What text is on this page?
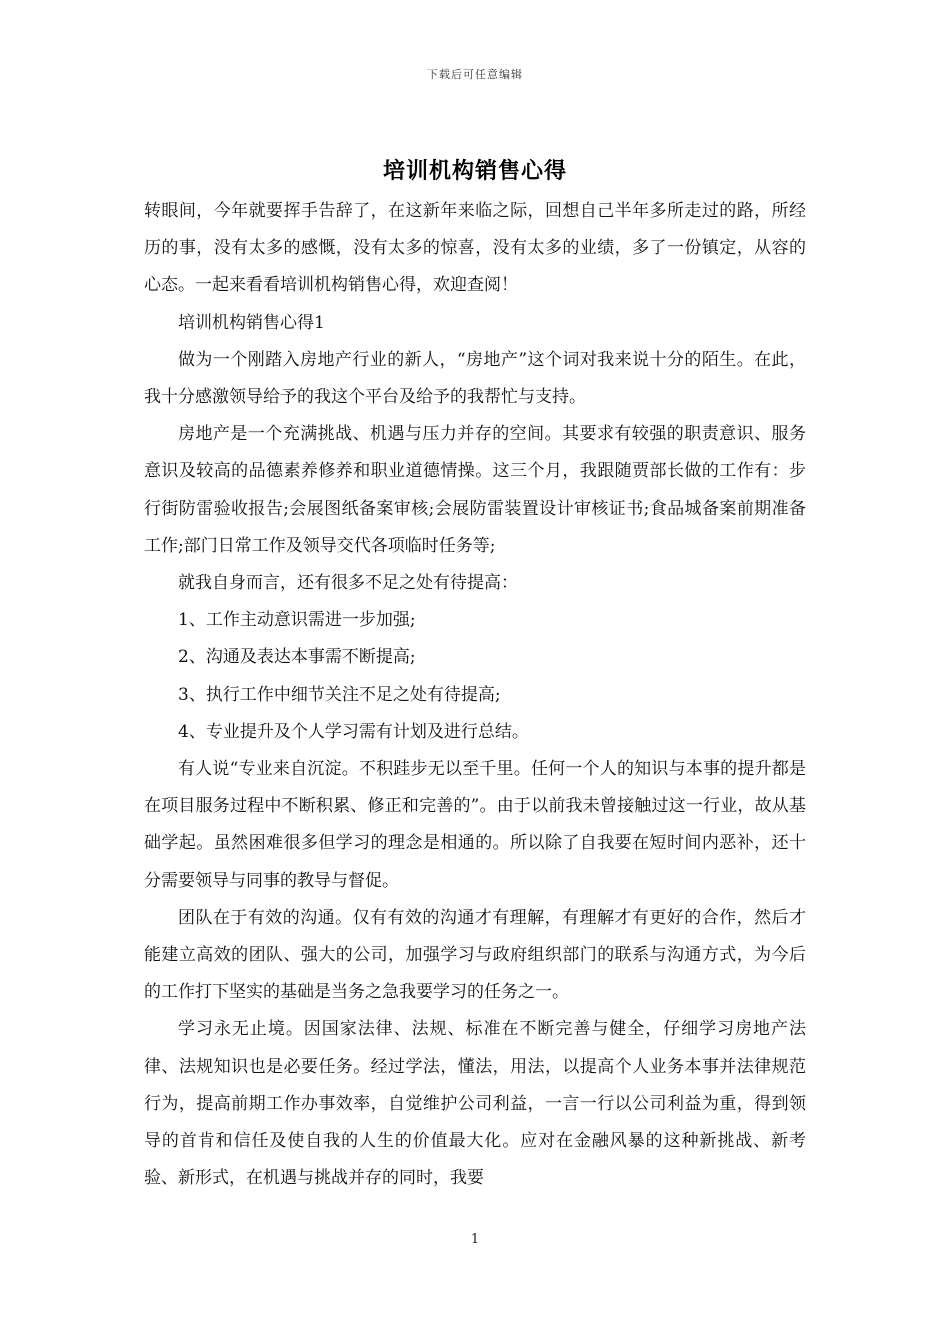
下载后可任意编辑
培训机构销售心得

转眼间，今年就要挥手告辞了，在这新年来临之际，回想自己半年多所走过的路，所经历的事，没有太多的感慨，没有太多的惊喜，没有太多的业绩，多了一份镇定，从容的心态。一起来看看培训机构销售心得，欢迎查阅！

培训机构销售心得1

做为一个刚踏入房地产行业的新人，“房地产”这个词对我来说十分的陌生。在此，我十分感激领导给予的我这个平台及给予的我帮忙与支持。

房地产是一个充满挑战、机遇与压力并存的空间。其要求有较强的职责意识、服务意识及较高的品德素养修养和职业道德情操。这三个月，我跟随贾部长做的工作有：步行街防雷验收报告;会展图纸备案审核;会展防雷装置设计审核证书;食品城备案前期准备工作;部门日常工作及领导交代各项临时任务等;

就我自身而言，还有很多不足之处有待提高：

1、工作主动意识需进一步加强;

2、沟通及表达本事需不断提高;

3、执行工作中细节关注不足之处有待提高;

4、专业提升及个人学习需有计划及进行总结。

有人说“专业来自沉淀。不积跬步无以至千里。任何一个人的知识与本事的提升都是在项目服务过程中不断积累、修正和完善的”。由于以前我未曾接触过这一行业，故从基础学起。虽然困难很多但学习的理念是相通的。所以除了自我要在短时间内恶补，还十分需要领导与同事的教导与督促。

团队在于有效的沟通。仅有有效的沟通才有理解，有理解才有更好的合作，然后才能建立高效的团队、强大的公司，加强学习与政府组织部门的联系与沟通方式，为今后的工作打下坚实的基础是当务之急我要学习的任务之一。

学习永无止境。因国家法律、法规、标准在不断完善与健全，仔细学习房地产法律、法规知识也是必要任务。经过学法，懂法，用法，以提高个人业务本事并法律规范行为，提高前期工作办事效率，自觉维护公司利益，一言一行以公司利益为重，得到领导的首肯和信任及使自我的人生的价值最大化。应对在金融风暴的这种新挑战、新考验、新形式，在机遇与挑战并存的同时，我要

1
